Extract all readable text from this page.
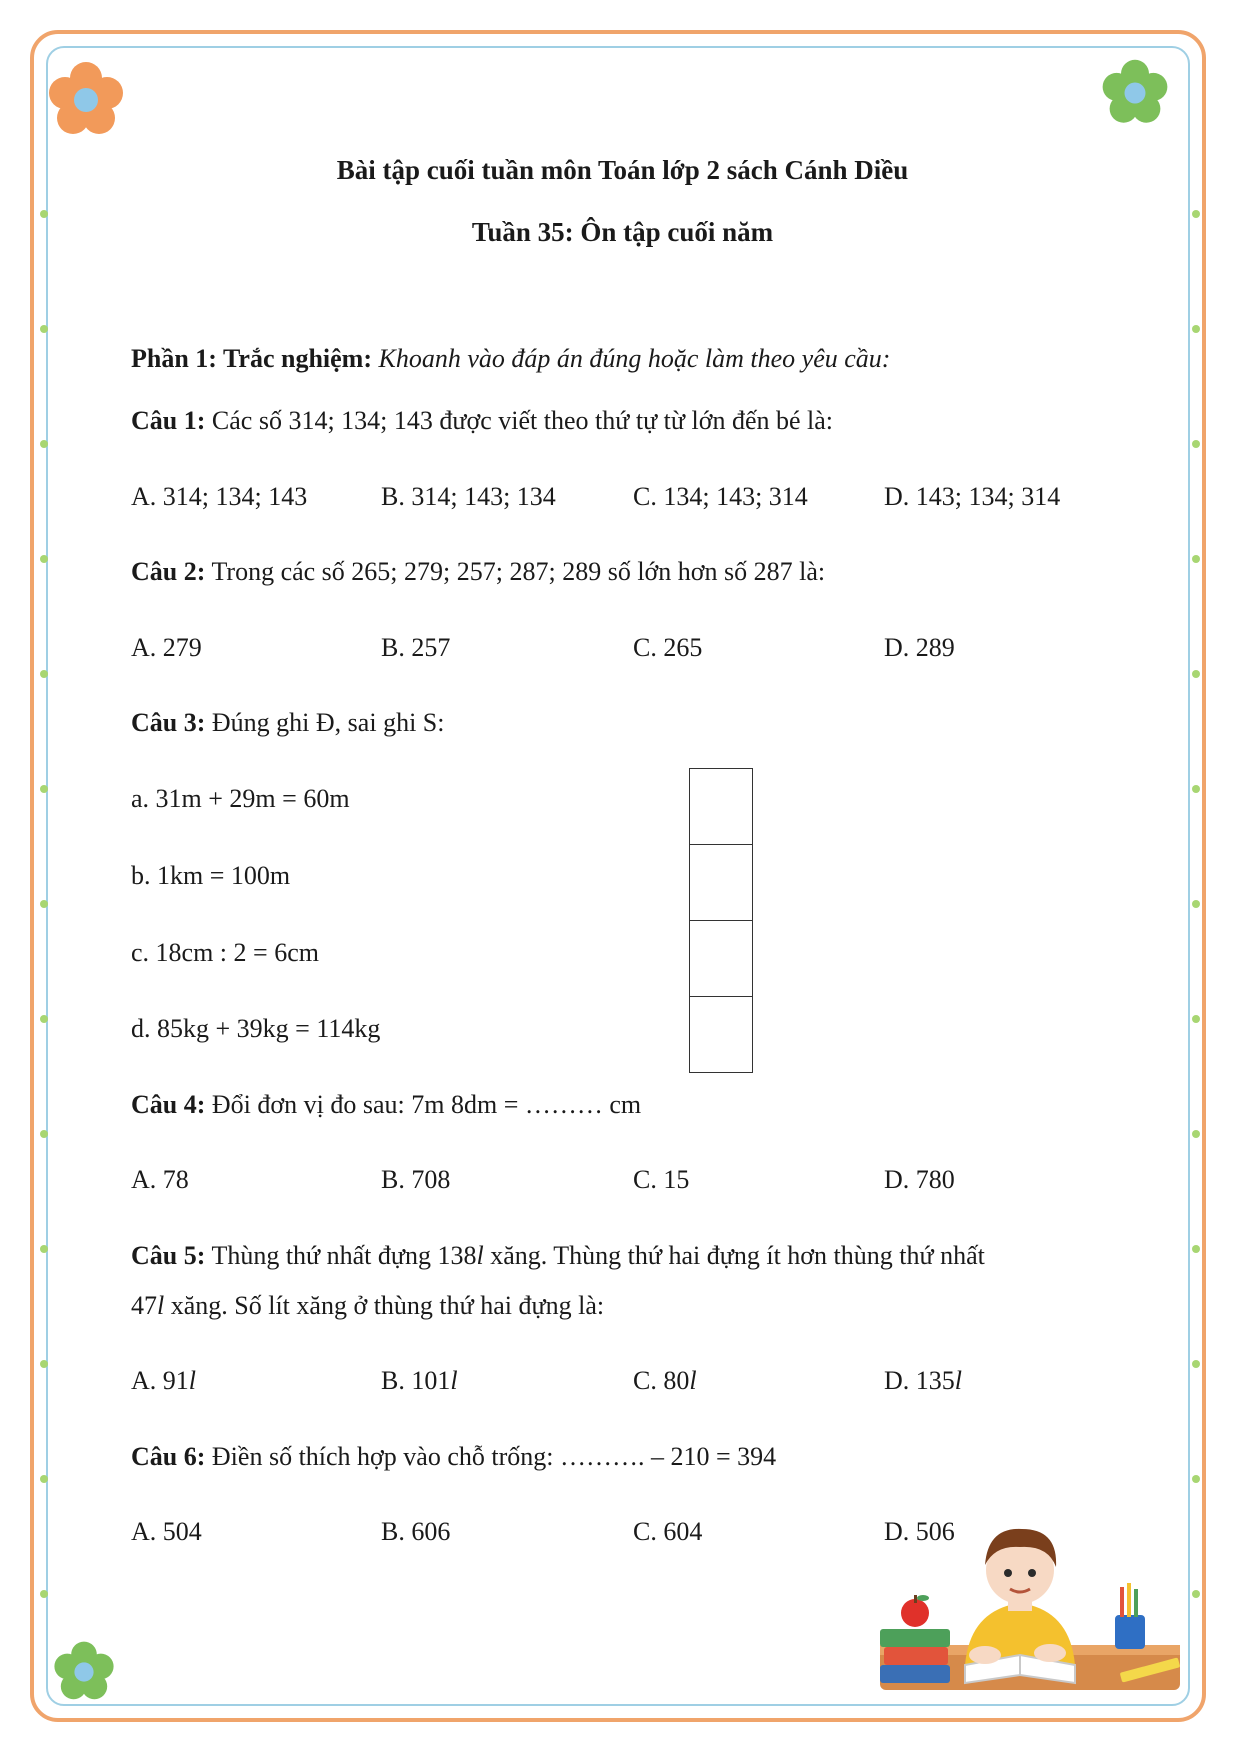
Bài tập cuối tuần môn Toán lớp 2 sách Cánh Diều
Tuần 35: Ôn tập cuối năm
Phần 1: Trắc nghiệm: Khoanh vào đáp án đúng hoặc làm theo yêu cầu:
Câu 1: Các số 314; 134; 143 được viết theo thứ tự từ lớn đến bé là:
A. 314; 134; 143	B. 314; 143; 134	C. 134; 143; 314	D. 143; 134; 314
Câu 2: Trong các số 265; 279; 257; 287; 289 số lớn hơn số 287 là:
A. 279	B. 257	C. 265	D. 289
Câu 3: Đúng ghi Đ, sai ghi S:
a. 31m + 29m = 60m
b. 1km = 100m
c. 18cm : 2 = 6cm
d. 85kg + 39kg = 114kg
Câu 4: Đổi đơn vị đo sau: 7m 8dm = ……… cm
A. 78	B. 708	C. 15	D. 780
Câu 5: Thùng thứ nhất đựng 138l xăng. Thùng thứ hai đựng ít hơn thùng thứ nhất
47l xăng. Số lít xăng ở thùng thứ hai đựng là:
A. 91l	B. 101l	C. 80l	D. 135l
Câu 6: Điền số thích hợp vào chỗ trống: ………. – 210 = 394
A. 504	B. 606	C. 604	D. 506
